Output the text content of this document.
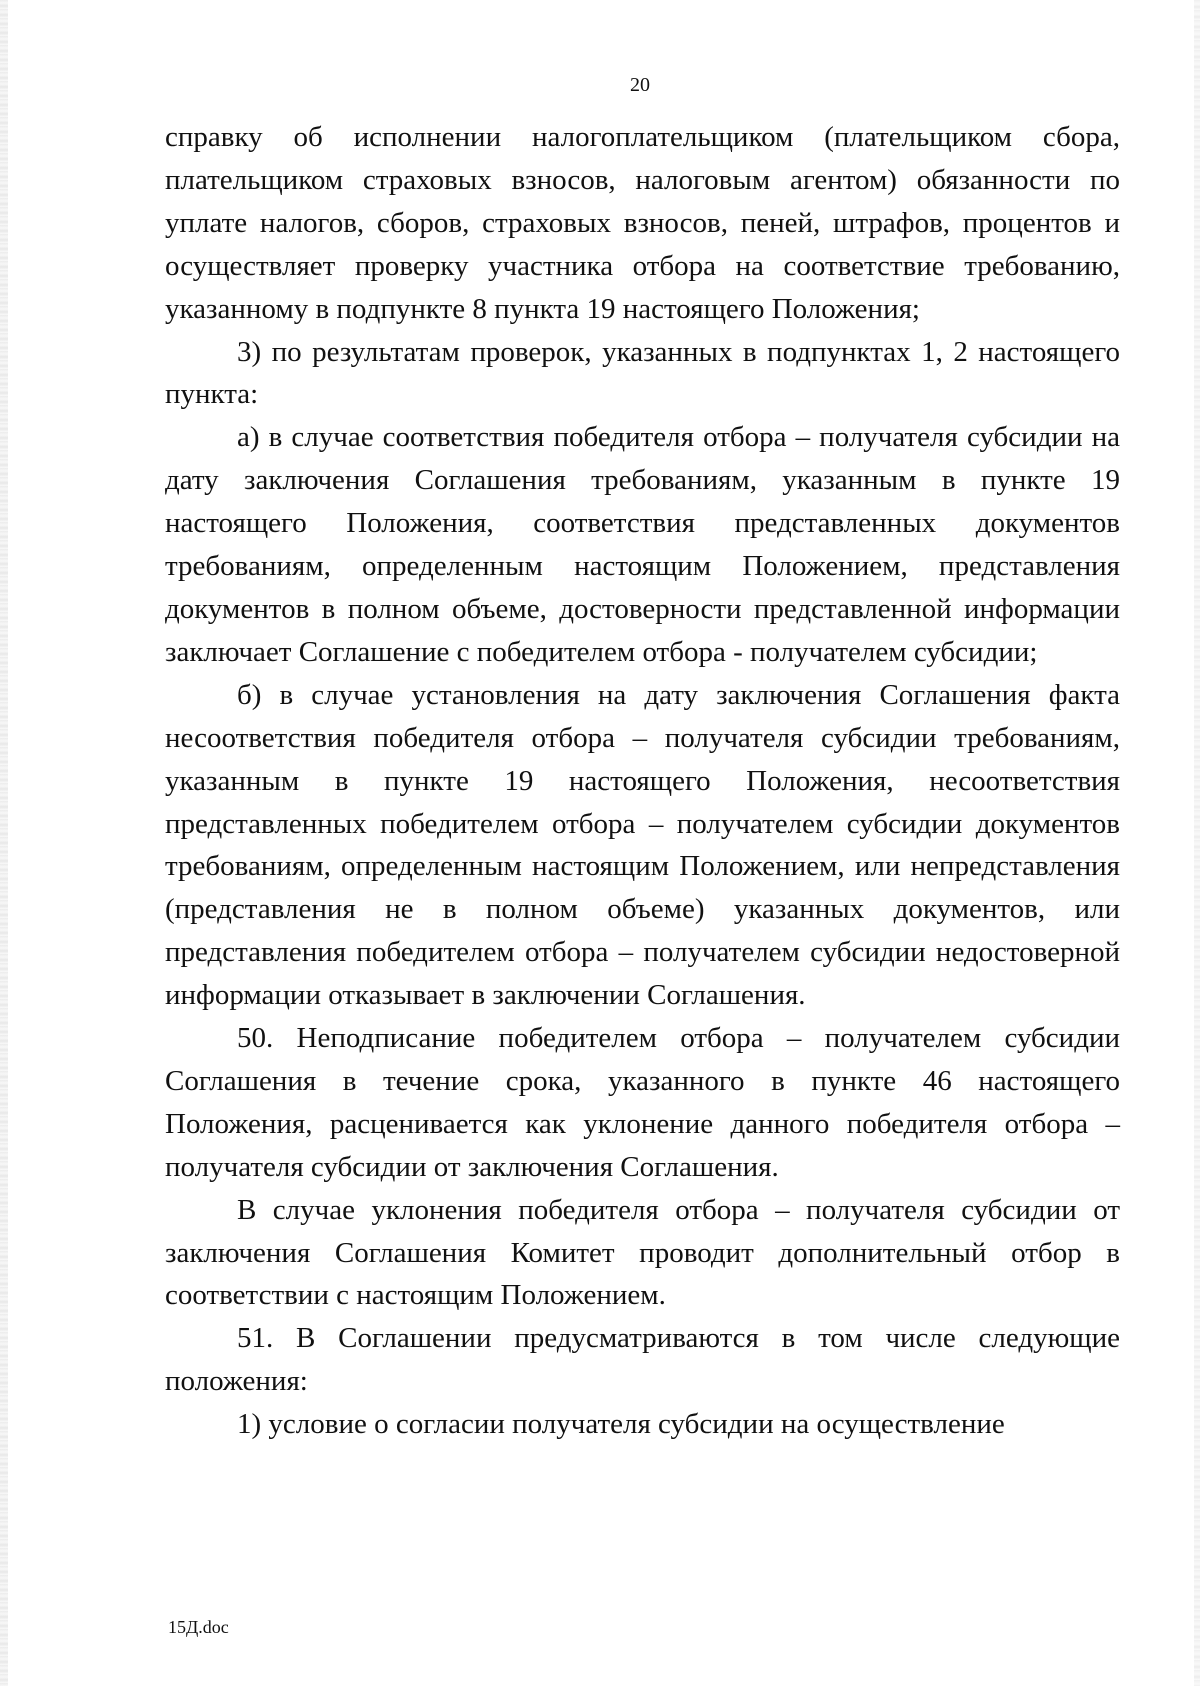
20

справку об исполнении налогоплательщиком (плательщиком сбора, плательщиком страховых взносов, налоговым агентом) обязанности по уплате налогов, сборов, страховых взносов, пеней, штрафов, процентов и осуществляет проверку участника отбора на соответствие требованию, указанному в подпункте 8 пункта 19 настоящего Положения;

3) по результатам проверок, указанных в подпунктах 1, 2 настоящего пункта:

а) в случае соответствия победителя отбора – получателя субсидии на дату заключения Соглашения требованиям, указанным в пункте 19 настоящего Положения, соответствия представленных документов требованиям, определенным настоящим Положением, представления документов в полном объеме, достоверности представленной информации заключает Соглашение с победителем отбора - получателем субсидии;

б) в случае установления на дату заключения Соглашения факта несоответствия победителя отбора – получателя субсидии требованиям, указанным в пункте 19 настоящего Положения, несоответствия представленных победителем отбора – получателем субсидии документов требованиям, определенным настоящим Положением, или непредставления (представления не в полном объеме) указанных документов, или представления победителем отбора – получателем субсидии недостоверной информации отказывает в заключении Соглашения.

50. Неподписание победителем отбора – получателем субсидии Соглашения в течение срока, указанного в пункте 46 настоящего Положения, расценивается как уклонение данного победителя отбора – получателя субсидии от заключения Соглашения.

В случае уклонения победителя отбора – получателя субсидии от заключения Соглашения Комитет проводит дополнительный отбор в соответствии с настоящим Положением.

51. В Соглашении предусматриваются в том числе следующие положения:

1) условие о согласии получателя субсидии на осуществление

15Д.doc
